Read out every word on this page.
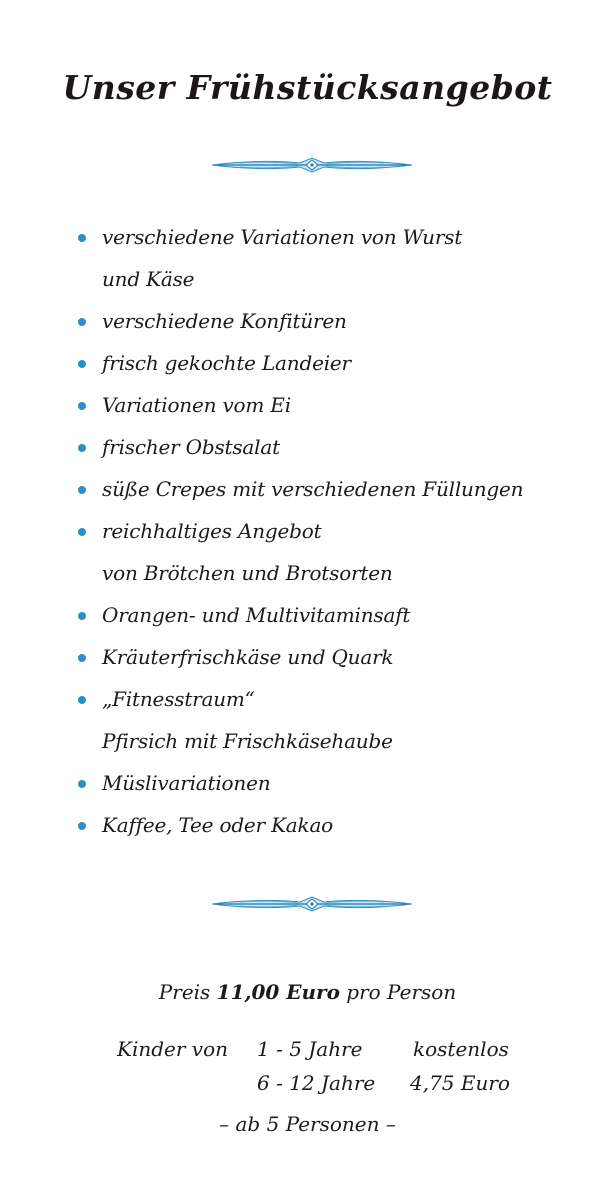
Unser Frühstücksangebot
verschiedene Variationen von Wurst
und Käse
verschiedene Konfitüren
frisch gekochte Landeier
Variationen vom Ei
frischer Obstsalat
süße Crepes mit verschiedenen Füllungen
reichhaltiges Angebot
von Brötchen und Brotsorten
Orangen- und Multivitaminsaft
Kräuterfrischkäse und Quark
„Fitnesstraum“
Pfirsich mit Frischkäsehaube
Müslivariationen
Kaffee, Tee oder Kakao
Preis 11,00 Euro pro Person
Kinder von 1 - 5 Jahre	kostenlos
6 - 12 Jahre 4,75 Euro
– ab 5 Personen –
